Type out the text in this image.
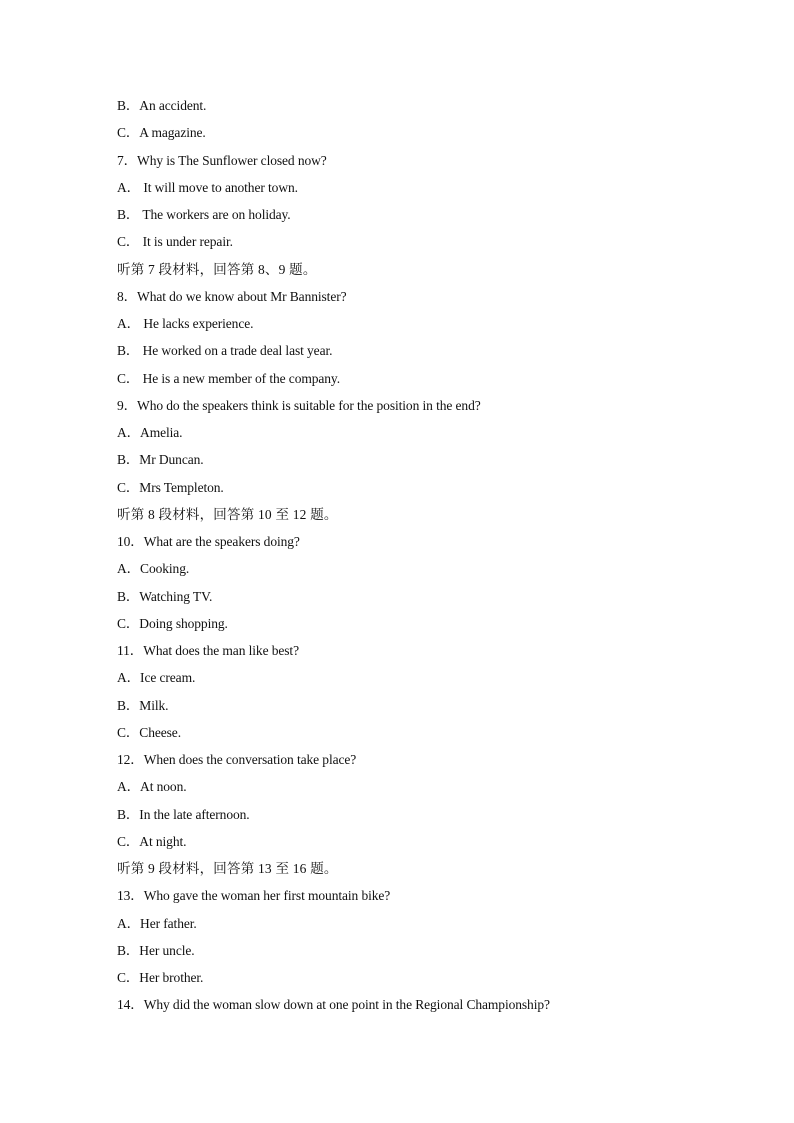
B．An accident.
C．A magazine.
7．Why is The Sunflower closed now?
A． It will move to another town.
B． The workers are on holiday.
C． It is under repair.
听第 7 段材料，回答第 8、9 题。
8．What do we know about Mr Bannister?
A． He lacks experience.
B． He worked on a trade deal last year.
C． He is a new member of the company.
9．Who do the speakers think is suitable for the position in the end?
A．Amelia.
B．Mr Duncan.
C．Mrs Templeton.
听第 8 段材料，回答第 10 至 12 题。
10．What are the speakers doing?
A．Cooking.
B．Watching TV.
C．Doing shopping.
11．What does the man like best?
A．Ice cream.
B．Milk.
C．Cheese.
12．When does the conversation take place?
A．At noon.
B．In the late afternoon.
C．At night.
听第 9 段材料，回答第 13 至 16 题。
13．Who gave the woman her first mountain bike?
A．Her father.
B．Her uncle.
C．Her brother.
14．Why did the woman slow down at one point in the Regional Championship?
